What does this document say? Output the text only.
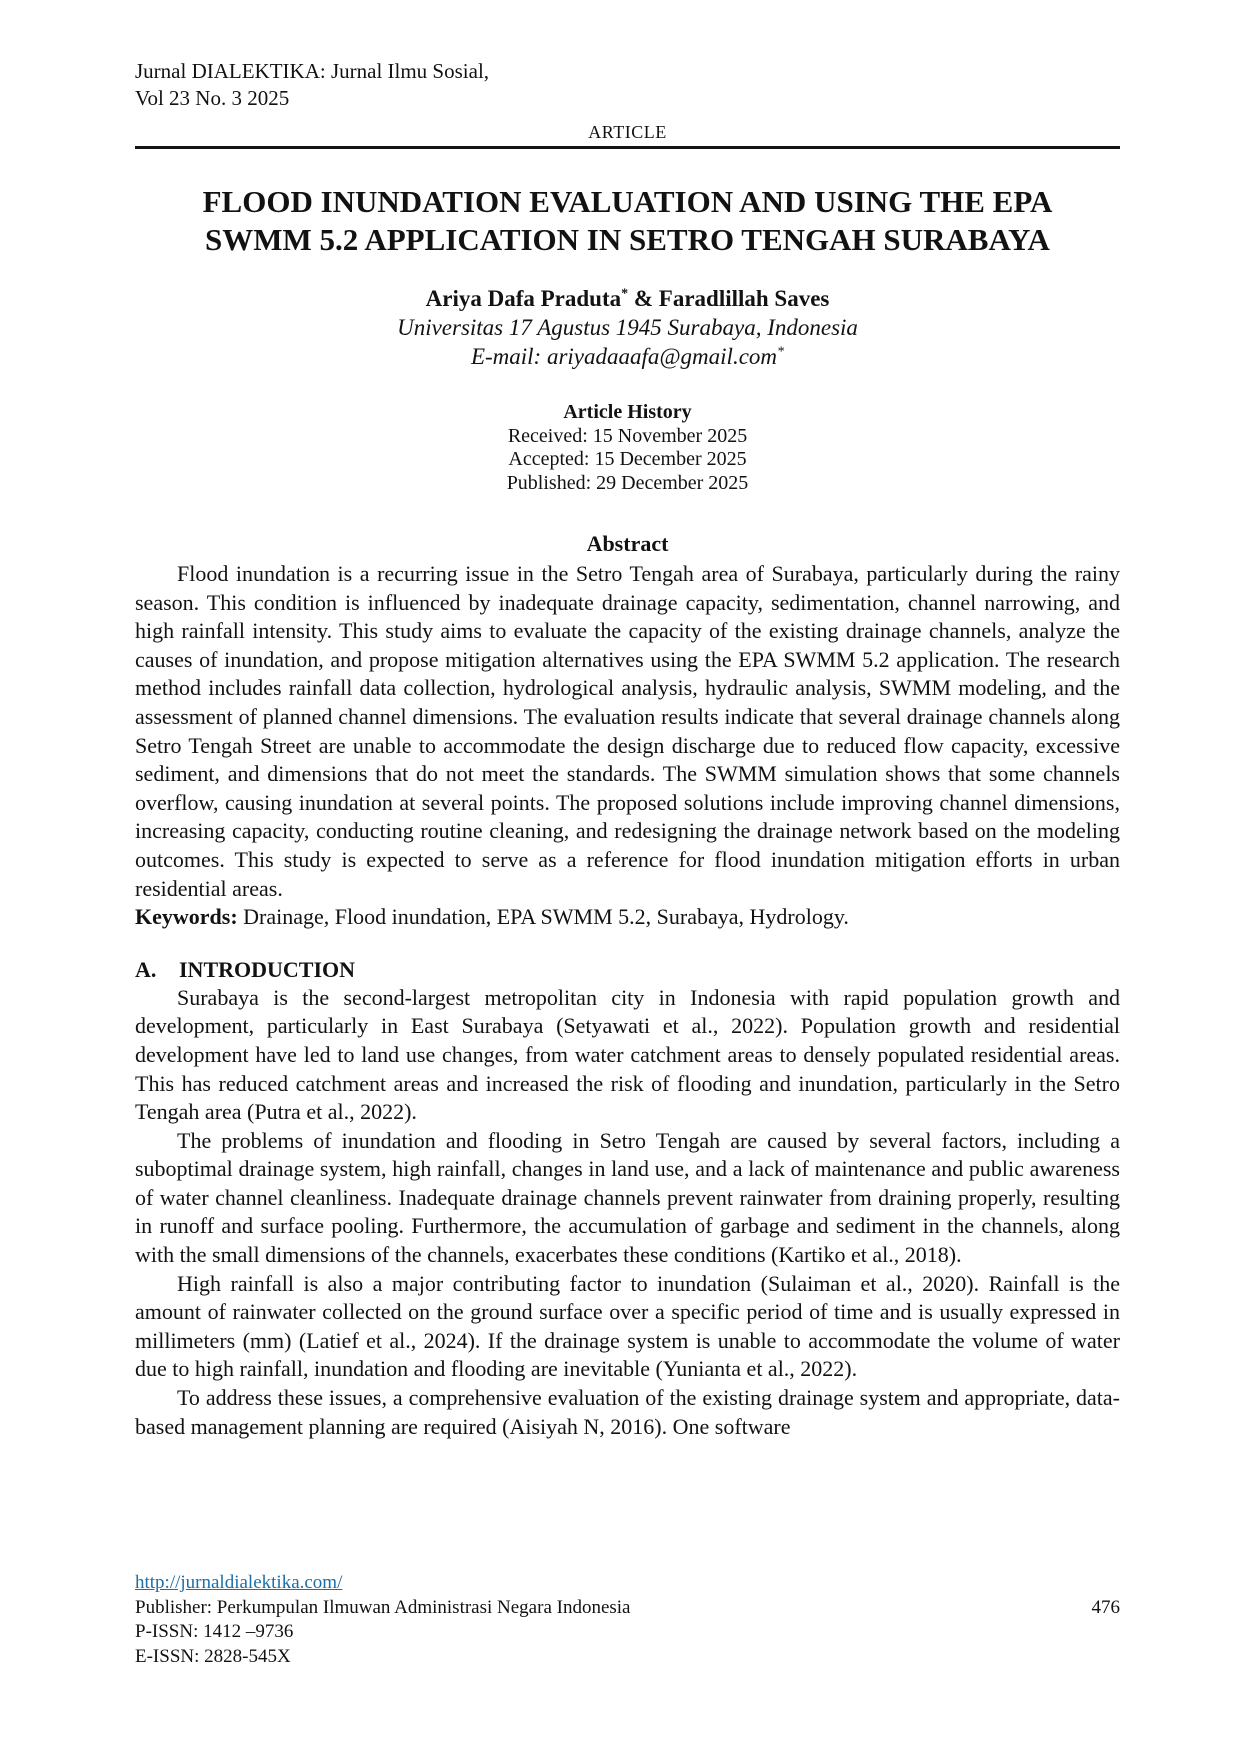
Jurnal DIALEKTIKA: Jurnal Ilmu Sosial,
Vol 23 No. 3 2025
ARTICLE
FLOOD INUNDATION EVALUATION AND USING THE EPA
SWMM 5.2 APPLICATION IN SETRO TENGAH SURABAYA
Ariya Dafa Praduta* & Faradlillah Saves
Universitas 17 Agustus 1945 Surabaya, Indonesia
E-mail: ariyadaaafa@gmail.com*
Article History
Received: 15 November 2025
Accepted: 15 December 2025
Published: 29 December 2025
Abstract

Flood inundation is a recurring issue in the Setro Tengah area of Surabaya, particularly during the rainy season. This condition is influenced by inadequate drainage capacity, sedimentation, channel narrowing, and high rainfall intensity. This study aims to evaluate the capacity of the existing drainage channels, analyze the causes of inundation, and propose mitigation alternatives using the EPA SWMM 5.2 application. The research method includes rainfall data collection, hydrological analysis, hydraulic analysis, SWMM modeling, and the assessment of planned channel dimensions. The evaluation results indicate that several drainage channels along Setro Tengah Street are unable to accommodate the design discharge due to reduced flow capacity, excessive sediment, and dimensions that do not meet the standards. The SWMM simulation shows that some channels overflow, causing inundation at several points. The proposed solutions include improving channel dimensions, increasing capacity, conducting routine cleaning, and redesigning the drainage network based on the modeling outcomes. This study is expected to serve as a reference for flood inundation mitigation efforts in urban residential areas.

Keywords: Drainage, Flood inundation, EPA SWMM 5.2, Surabaya, Hydrology.
A. INTRODUCTION

Surabaya is the second-largest metropolitan city in Indonesia with rapid population growth and development, particularly in East Surabaya (Setyawati et al., 2022). Population growth and residential development have led to land use changes, from water catchment areas to densely populated residential areas. This has reduced catchment areas and increased the risk of flooding and inundation, particularly in the Setro Tengah area (Putra et al., 2022).

The problems of inundation and flooding in Setro Tengah are caused by several factors, including a suboptimal drainage system, high rainfall, changes in land use, and a lack of maintenance and public awareness of water channel cleanliness. Inadequate drainage channels prevent rainwater from draining properly, resulting in runoff and surface pooling. Furthermore, the accumulation of garbage and sediment in the channels, along with the small dimensions of the channels, exacerbates these conditions (Kartiko et al., 2018).

High rainfall is also a major contributing factor to inundation (Sulaiman et al., 2020). Rainfall is the amount of rainwater collected on the ground surface over a specific period of time and is usually expressed in millimeters (mm) (Latief et al., 2024). If the drainage system is unable to accommodate the volume of water due to high rainfall, inundation and flooding are inevitable (Yunianta et al., 2022).

To address these issues, a comprehensive evaluation of the existing drainage system and appropriate, data-based management planning are required (Aisiyah N, 2016). One software

http://jurnaldialektika.com/
Publisher: Perkumpulan Ilmuwan Administrasi Negara Indonesia	476
P-ISSN: 1412 –9736
E-ISSN: 2828-545X
